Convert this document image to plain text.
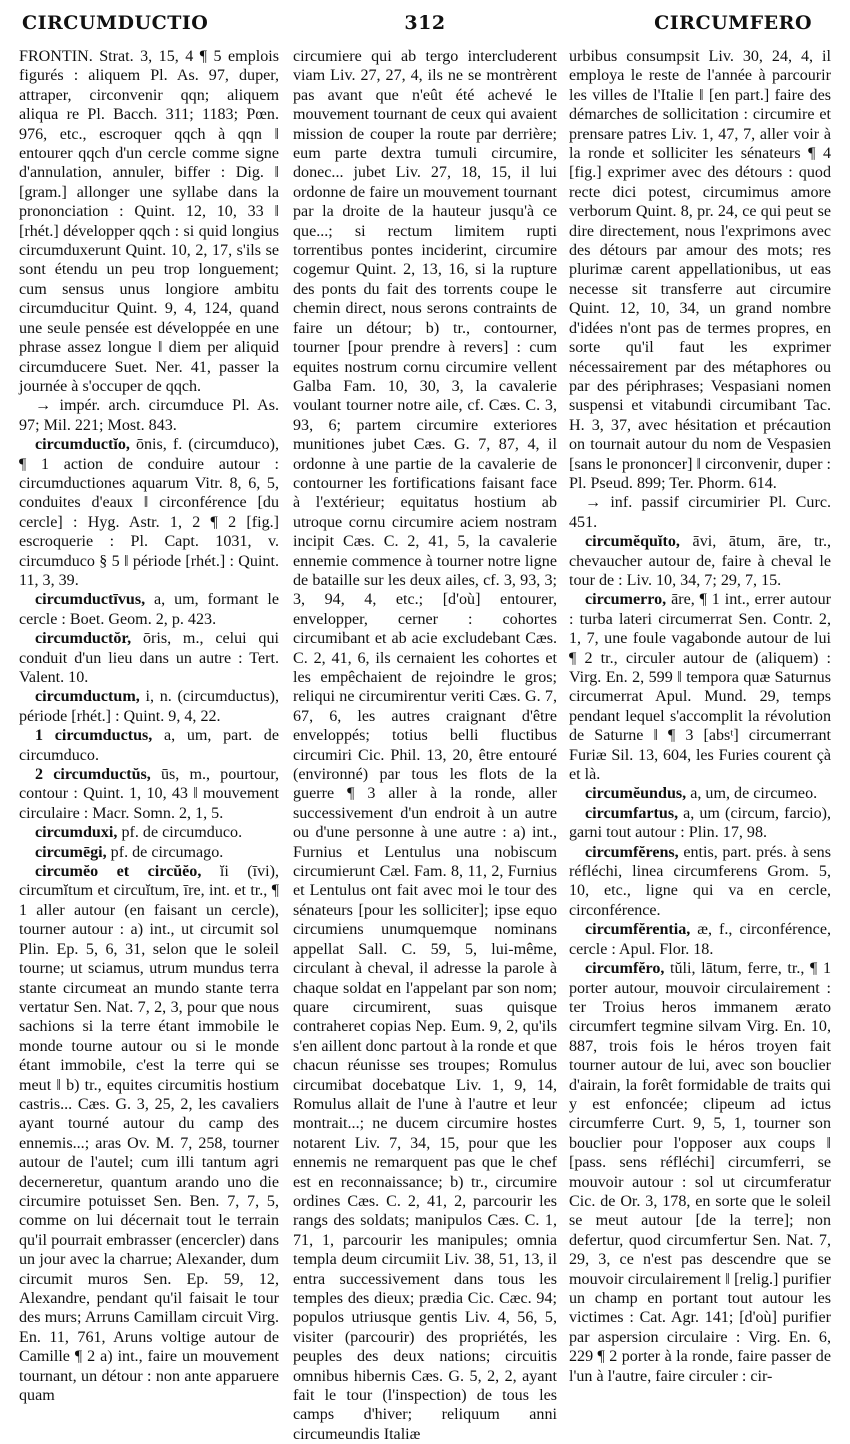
CIRCUMDUCTIO	312	CIRCUMFERO

FRONTIN. Strat. 3, 15, 4 ¶ 5 emplois figurés : aliquem Pl. As. 97, duper, attraper, circonvenir qqn; aliquem aliqua re Pl. Bacch. 311; 1183; Pœn. 976, etc., escroquer qqch à qqn ‖ entourer qqch d'un cercle comme signe d'annulation, annuler, biffer : Dig. ‖ [gram.] allonger une syllabe dans la prononciation : Quint. 12, 10, 33 ‖ [rhét.] développer qqch : si quid longius circumduxerunt Quint. 10, 2, 17, s'ils se sont étendu un peu trop longuement; cum sensus unus longiore ambitu circumducitur Quint. 9, 4, 124, quand une seule pensée est développée en une phrase assez longue ‖ diem per aliquid circumducere Suet. Ner. 41, passer la journée à s'occuper de qqch.

→ impér. arch. circumduce Pl. As. 97; Mil. 221; Most. 843.

circumductĭo, ōnis, f. (circumduco), ¶ 1 action de conduire autour : circumductiones aquarum Vitr. 8, 6, 5, conduites d'eaux ‖ circonférence [du cercle] : Hyg. Astr. 1, 2 ¶ 2 [fig.] escroquerie : Pl. Capt. 1031, v. circumduco § 5 ‖ période [rhét.] : Quint. 11, 3, 39.

circumductīvus, a, um, formant le cercle : Boet. Geom. 2, p. 423.

circumductŏr, ōris, m., celui qui conduit d'un lieu dans un autre : Tert. Valent. 10.

circumductum, i, n. (circumductus), période [rhét.] : Quint. 9, 4, 22.

1 circumductus, a, um, part. de circumduco.

2 circumductŭs, ūs, m., pourtour, contour : Quint. 1, 10, 43 ‖ mouvement circulaire : Macr. Somn. 2, 1, 5.

circumduxi, pf. de circumduco.

circumēgi, pf. de circumago.

circumĕo et circŭĕo, ĭi (īvi), circumĭtum et circuĭtum, īre, int. et tr., ¶ 1 aller autour (en faisant un cercle), tourner autour : a) int., ut circumit sol Plin. Ep. 5, 6, 31, selon que le soleil tourne; ut sciamus, utrum mundus terra stante circumeat an mundo stante terra vertatur Sen. Nat. 7, 2, 3, pour que nous sachions si la terre étant immobile le monde tourne autour ou si le monde étant immobile, c'est la terre qui se meut ‖ b) tr., equites circumitis hostium castris... Cæs. G. 3, 25, 2, les cavaliers ayant tourné autour du camp des ennemis...; aras Ov. M. 7, 258, tourner autour de l'autel; cum illi tantum agri decerneretur, quantum arando uno die circumire potuisset Sen. Ben. 7, 7, 5, comme on lui décernait tout le terrain qu'il pourrait embrasser (encercler) dans un jour avec la charrue; Alexander, dum circumit muros Sen. Ep. 59, 12, Alexandre, pendant qu'il faisait le tour des murs; Arruns Camillam circuit Virg. En. 11, 761, Aruns voltige autour de Camille ¶ 2 a) int., faire un mouvement tournant, un détour : non ante apparuere quam

circumiere qui ab tergo intercluderent viam Liv. 27, 27, 4, ils ne se montrèrent pas avant que n'eût été achevé le mouvement tournant de ceux qui avaient mission de couper la route par derrière; eum parte dextra tumuli circumire, donec... jubet Liv. 27, 18, 15, il lui ordonne de faire un mouvement tournant par la droite de la hauteur jusqu'à ce que...; si rectum limitem rupti torrentibus pontes inciderint, circumire cogemur Quint. 2, 13, 16, si la rupture des ponts du fait des torrents coupe le chemin direct, nous serons contraints de faire un détour; b) tr., contourner, tourner [pour prendre à revers] : cum equites nostrum cornu circumire vellent Galba Fam. 10, 30, 3, la cavalerie voulant tourner notre aile, cf. Cæs. C. 3, 93, 6; partem circumire exteriores munitiones jubet Cæs. G. 7, 87, 4, il ordonne à une partie de la cavalerie de contourner les fortifications faisant face à l'extérieur; equitatus hostium ab utroque cornu circumire aciem nostram incipit Cæs. C. 2, 41, 5, la cavalerie ennemie commence à tourner notre ligne de bataille sur les deux ailes, cf. 3, 93, 3; 3, 94, 4, etc.; [d'où] entourer, envelopper, cerner : cohortes circumibant et ab acie excludebant Cæs. C. 2, 41, 6, ils cernaient les cohortes et les empêchaient de rejoindre le gros; reliqui ne circumirentur veriti Cæs. G. 7, 67, 6, les autres craignant d'être enveloppés; totius belli fluctibus circumiri Cic. Phil. 13, 20, être entouré (environné) par tous les flots de la guerre ¶ 3 aller à la ronde, aller successivement d'un endroit à un autre ou d'une personne à une autre : a) int., Furnius et Lentulus una nobiscum circumierunt Cæl. Fam. 8, 11, 2, Furnius et Lentulus ont fait avec moi le tour des sénateurs [pour les solliciter]; ipse equo circumiens unumquemque nominans appellat Sall. C. 59, 5, lui-même, circulant à cheval, il adresse la parole à chaque soldat en l'appelant par son nom; quare circumirent, suas quisque contraheret copias Nep. Eum. 9, 2, qu'ils s'en aillent donc partout à la ronde et que chacun réunisse ses troupes; Romulus circumibat docebatque Liv. 1, 9, 14, Romulus allait de l'une à l'autre et leur montrait...; ne ducem circumire hostes notarent Liv. 7, 34, 15, pour que les ennemis ne remarquent pas que le chef est en reconnaissance; b) tr., circumire ordines Cæs. C. 2, 41, 2, parcourir les rangs des soldats; manipulos Cæs. C. 1, 71, 1, parcourir les manipules; omnia templa deum circumiit Liv. 38, 51, 13, il entra successivement dans tous les temples des dieux; prædia Cic. Cæc. 94; populos utriusque gentis Liv. 4, 56, 5, visiter (parcourir) des propriétés, les peuples des deux nations; circuitis omnibus hibernis Cæs. G. 5, 2, 2, ayant fait le tour (l'inspection) de tous les camps d'hiver; reliquum anni circumeundis Italiæ

urbibus consumpsit Liv. 30, 24, 4, il employa le reste de l'année à parcourir les villes de l'Italie ‖ [en part.] faire des démarches de sollicitation : circumire et prensare patres Liv. 1, 47, 7, aller voir à la ronde et solliciter les sénateurs ¶ 4 [fig.] exprimer avec des détours : quod recte dici potest, circumimus amore verborum Quint. 8, pr. 24, ce qui peut se dire directement, nous l'exprimons avec des détours par amour des mots; res plurimæ carent appellationibus, ut eas necesse sit transferre aut circumire Quint. 12, 10, 34, un grand nombre d'idées n'ont pas de termes propres, en sorte qu'il faut les exprimer nécessairement par des métaphores ou par des périphrases; Vespasiani nomen suspensi et vitabundi circumibant Tac. H. 3, 37, avec hésitation et précaution on tournait autour du nom de Vespasien [sans le prononcer] ‖ circonvenir, duper : Pl. Pseud. 899; Ter. Phorm. 614.

→ inf. passif circumirier Pl. Curc. 451.

circumĕquĭto, āvi, ātum, āre, tr., chevaucher autour de, faire à cheval le tour de : Liv. 10, 34, 7; 29, 7, 15.

circumerro, āre, ¶ 1 int., errer autour : turba lateri circumerrat Sen. Contr. 2, 1, 7, une foule vagabonde autour de lui ¶ 2 tr., circuler autour de (aliquem) : Virg. En. 2, 599 ‖ tempora quæ Saturnus circumerrat Apul. Mund. 29, temps pendant lequel s'accomplit la révolution de Saturne ‖ ¶ 3 [absᵗ] circumerrant Furiæ Sil. 13, 604, les Furies courent çà et là.

circumĕundus, a, um, de circumeo.

circumfartus, a, um (circum, farcio), garni tout autour : Plin. 17, 98.

circumfĕrens, entis, part. prés. à sens réfléchi, linea circumferens Grom. 5, 10, etc., ligne qui va en cercle, circonférence.

circumfĕrentia, æ, f., circonférence, cercle : Apul. Flor. 18.

circumfĕro, tŭli, lātum, ferre, tr., ¶ 1 porter autour, mouvoir circulairement : ter Troius heros immanem ærato circumfert tegmine silvam Virg. En. 10, 887, trois fois le héros troyen fait tourner autour de lui, avec son bouclier d'airain, la forêt formidable de traits qui y est enfoncée; clipeum ad ictus circumferre Curt. 9, 5, 1, tourner son bouclier pour l'opposer aux coups ‖ [pass. sens réfléchi] circumferri, se mouvoir autour : sol ut circumferatur Cic. de Or. 3, 178, en sorte que le soleil se meut autour [de la terre]; non defertur, quod circumfertur Sen. Nat. 7, 29, 3, ce n'est pas descendre que se mouvoir circulairement ‖ [relig.] purifier un champ en portant tout autour les victimes : Cat. Agr. 141; [d'où] purifier par aspersion circulaire : Virg. En. 6, 229 ¶ 2 porter à la ronde, faire passer de l'un à l'autre, faire circuler : cir-
